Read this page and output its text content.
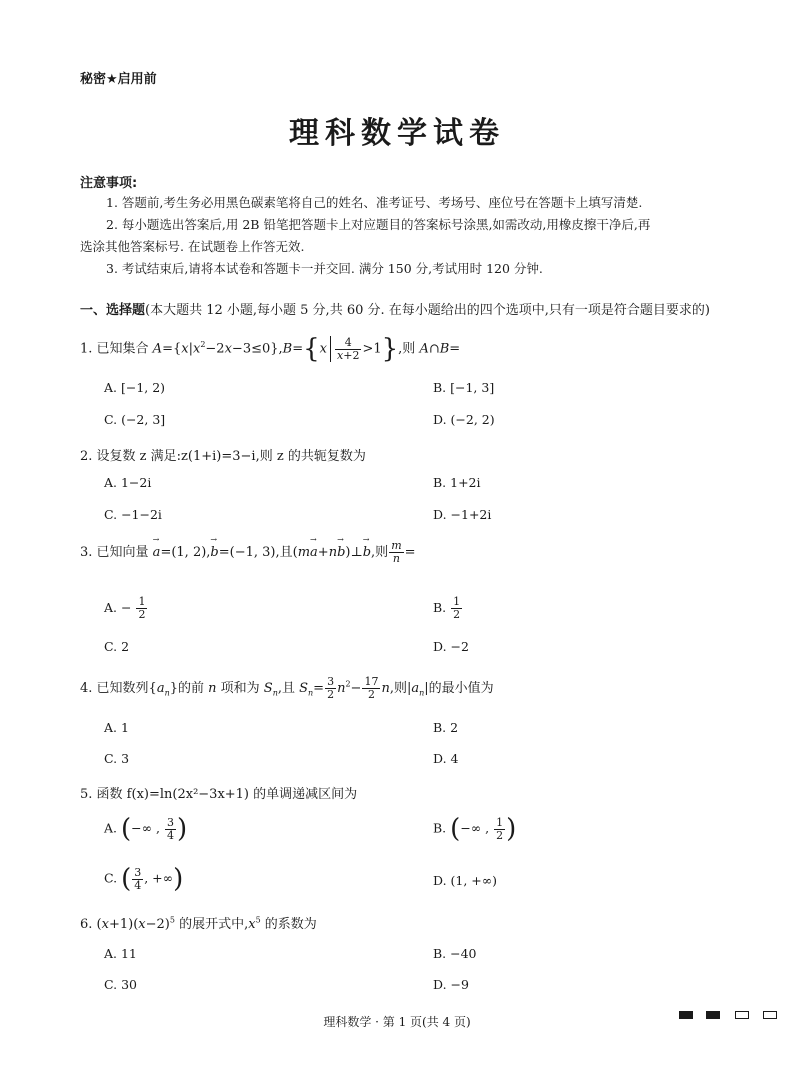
秘密★启用前
理科数学试卷
注意事项:
1. 答题前,考生务必用黑色碳素笔将自己的姓名、准考证号、考场号、座位号在答题卡上填写清楚.
2. 每小题选出答案后,用 2B 铅笔把答题卡上对应题目的答案标号涂黑,如需改动,用橡皮擦干净后,再
选涂其他答案标号. 在试题卷上作答无效.
3. 考试结束后,请将本试卷和答题卡一并交回. 满分 150 分,考试用时 120 分钟.
一、选择题(本大题共 12 小题,每小题 5 分,共 60 分. 在每小题给出的四个选项中,只有一项是符合题目要求的)
1. 已知集合 $A=\{x|x^2-2x-3\le 0\},B=\{x \frac{4}{x+2} >1\}$,则 A∩B=
A. [−1, 2)	B. [−1, 3]
C. (−2, 3]	D. (−2, 2)
2. 设复数 z 满足:z(1+i)=3−i,则 z 的共轭复数为
A. 1−2i	B. 1+2i
C. −1−2i	D. −1+2i
3. 已知向量 → a=(1, 2),→ b=(−1, 3),且(m→ a+n→ b)⊥→ b,则 $\frac{m}{n}$ =
A. − $\frac{1}{2}$	B. $\frac{1}{2}$
C. 2	D. −2
4. 已知数列$\{a_n\}$的前 n 项和为 $S_n$,且 $S_n= \frac{3}{2} n^2- \frac{17}{2} n$,则$|a_n|$的最小值为
A. 1	B. 2
C. 3	D. 4
5. 函数 f(x)=ln(2x²−3x+1) 的单调递减区间为
A. (−∞ , $\frac{3}{4}$ )	B. (−∞ , $\frac{1}{2}$ )
C. ( $\frac{3}{4}$ , +∞)	D. (1, +∞)
6. $(x+1)(x-2)^5$ 的展开式中$,x^5$ 的系数为
A. 11	B. −40
C. 30	D. −9
理科数学 · 第 1 页(共 4 页)
